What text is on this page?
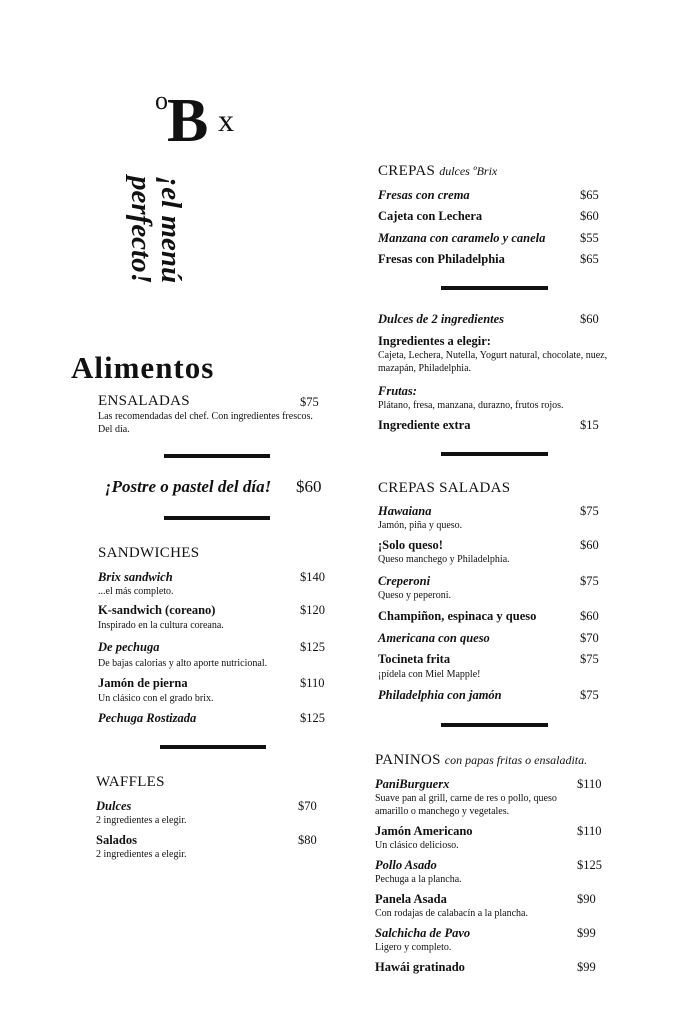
o B x
¡el menú
perfecto!
Alimentos
ENSALADAS	$75
Las recomendadas del chef. Con ingredientes frescos. Del día.
¡Postre o pastel del día! $60
SANDWICHES
Brix sandwich	$140
...el más completo.
K-sandwich (coreano)	$120
Inspirado en la cultura coreana.
De pechuga	$125
De bajas calorias y alto aporte nutricional.
Jamón de pierna	$110
Un clásico con el grado brix.
Pechuga Rostizada	$125
WAFFLES
Dulces	$70
2 ingredientes a elegir.
Salados	$80
2 ingredientes a elegir.
CREPAS dulces ºBrix
Fresas con crema	$65
Cajeta con Lechera	$60
Manzana con caramelo y canela	$55
Fresas con Philadelphia	$65
Dulces de 2 ingredientes	$60
Ingredientes a elegir:
Cajeta, Lechera, Nutella, Yogurt natural, chocolate, nuez, mazapán, Philadelphia.
Frutas:
Plátano, fresa, manzana, durazno, frutos rojos.
Ingrediente extra	$15
CREPAS SALADAS
Hawaiana	$75
Jamón, piña y queso.
¡Solo queso!	$60
Queso manchego y Philadelphia.
Creperoni	$75
Queso y peperoni.
Champiñon, espinaca y queso	$60
Americana con queso	$70
Tocineta frita	$75
¡pídela con Miel Mapple!
Philadelphia con jamón	$75
PANINOS con papas fritas o ensaladita.
PaniBurguerx	$110
Suave pan al grill, carne de res o pollo, queso amarillo o manchego y vegetales.
Jamón Americano	$110
Un clásico delicioso.
Pollo Asado	$125
Pechuga a la plancha.
Panela Asada	$90
Con rodajas de calabacín a la plancha.
Salchicha de Pavo	$99
Ligero y completo.
Hawái gratinado	$99
